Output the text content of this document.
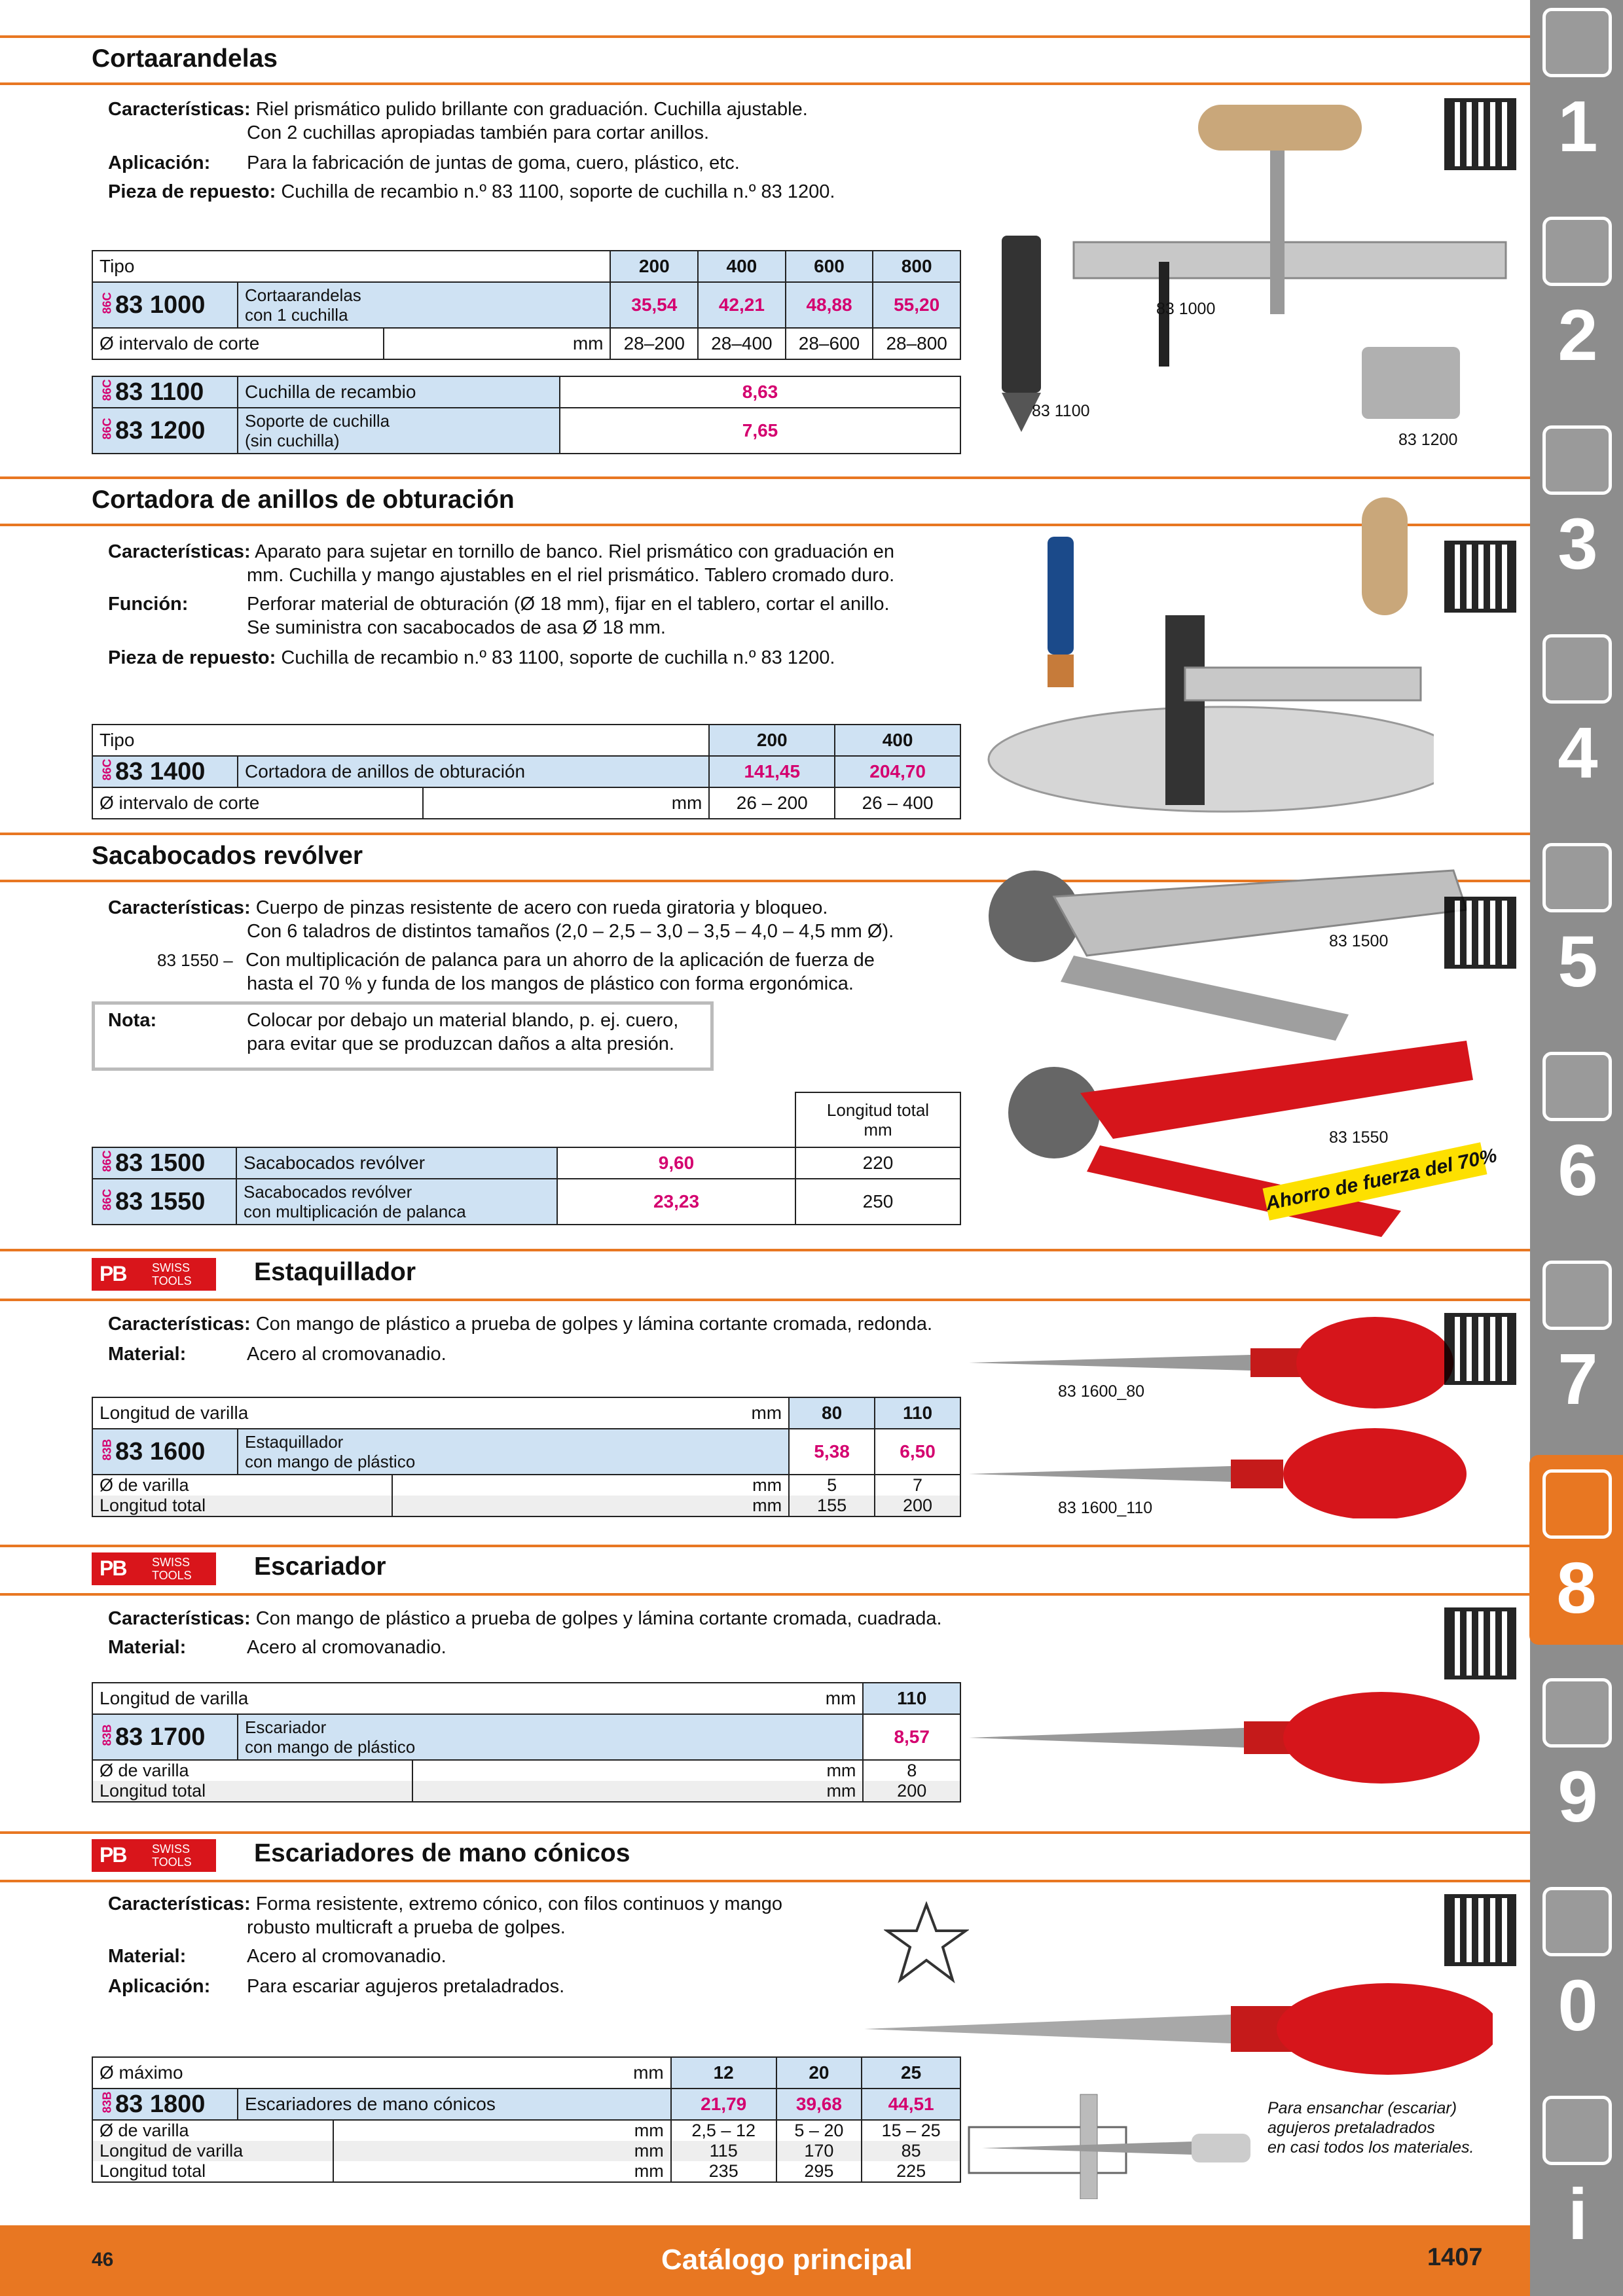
Cortaarandelas
Características: Riel prismático pulido brillante con graduación. Cuchilla ajustable.
Con 2 cuchillas apropiadas también para cortar anillos.
Aplicación: Para la fabricación de juntas de goma, cuero, plástico, etc.
Pieza de repuesto: Cuchilla de recambio n.º 83 1100, soporte de cuchilla n.º 83 1200.
Tipo			200	400	600	800
86C83 1000	Cortaarandelas
con 1 cuchilla		35,54	42,21	48,88	55,20
Ø intervalo de corte		mm	28–200	28–400	28–600	28–800
86C83 1100	Cuchilla de recambio	8,63
86C83 1200	Soporte de cuchilla
(sin cuchilla)	7,65
83 1000
83 1100
83 1200
Cortadora de anillos de obturación
Características: Aparato para sujetar en tornillo de banco. Riel prismático con graduación en
mm. Cuchilla y mango ajustables en el riel prismático. Tablero cromado duro.
Función:	Perforar material de obturación (Ø 18 mm), fijar en el tablero, cortar el anillo.
Se suministra con sacabocados de asa Ø 18 mm.
Pieza de repuesto: Cuchilla de recambio n.º 83 1100, soporte de cuchilla n.º 83 1200.
Tipo			200	400
86C83 1400	Cortadora de anillos de obturación		141,45	204,70
Ø intervalo de corte		mm	26 – 200	26 – 400
Sacabocados revólver
Características: Cuerpo de pinzas resistente de acero con rueda giratoria y bloqueo.
Con 6 taladros de distintos tamaños (2,0 – 2,5 – 3,0 – 3,5 – 4,0 – 4,5 mm Ø).
83 1550 – Con multiplicación de palanca para un ahorro de la aplicación de fuerza de
hasta el 70 % y funda de los mangos de plástico con forma ergonómica.
Nota:	Colocar por debajo un material blando, p. ej. cuero,
para evitar que se produzcan daños a alta presión.

			Longitud total
mm

86C83 1500	Sacabocados revólver	9,60	220
86C83 1550	Sacabocados revólver
con multiplicación de palanca	23,23	250
83 1500
83 1550
Ahorro de fuerza del 70%
PB SWISS
TOOLS Estaquillador
Características: Con mango de plástico a prueba de golpes y lámina cortante cromada, redonda.
Material:	Acero al cromovanadio.
Longitud de varilla		mm	80	110
83B83 1600	Estaquillador
con mango de plástico		5,38	6,50
Ø de varilla		mm	5	7
Longitud total		mm	155	200
83 1600_80
83 1600_110
PB SWISS
TOOLS Escariador
Características: Con mango de plástico a prueba de golpes y lámina cortante cromada, cuadrada.
Material:	Acero al cromovanadio.
Longitud de varilla		mm	110
83B83 1700	Escariador
con mango de plástico		8,57
Ø de varilla		mm	8
Longitud total		mm	200
PB SWISS
TOOLS Escariadores de mano cónicos
Características: Forma resistente, extremo cónico, con filos continuos y mango
robusto multicraft a prueba de golpes.
Material:	Acero al cromovanadio.
Aplicación: Para escariar agujeros pretaladrados.
Ø máximo		mm	12	20	25
83B83 1800	Escariadores de mano cónicos		21,79	39,68	44,51
Ø de varilla		mm	2,5 – 12	5 – 20	15 – 25
Longitud de varilla		mm	115	170	85
Longitud total		mm	235	295	225
Para ensanchar (escariar)
agujeros pretaladrados
en casi todos los materiales.
1
2
3
4
5
6
7
8
9
0
i
46	Catálogo principal	1407
